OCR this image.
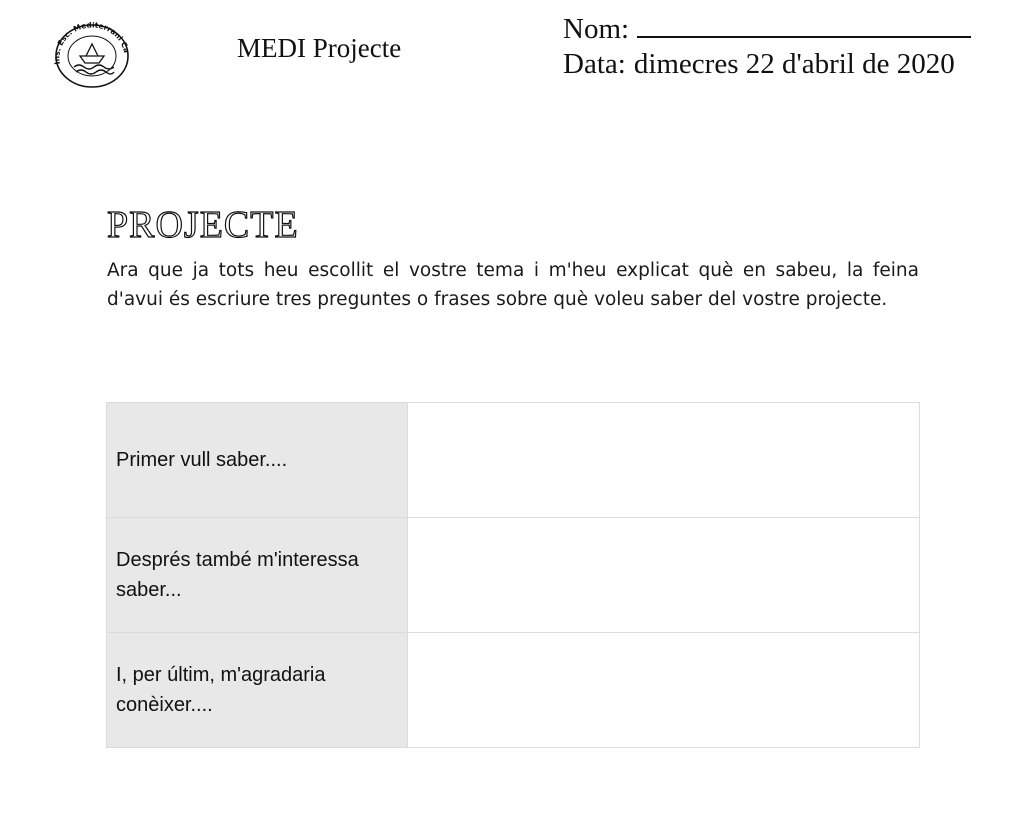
Ins. Esc. Mediterrani Ca	MEDI Projecte
Nom:
Data: dimecres 22 d'abril de 2020
PROJECTE

Ara que ja tots heu escollit el vostre tema i m'heu explicat què en sabeu, la feina d'avui és escriure tres preguntes o frases sobre què voleu saber del vostre projecte.

Primer vull saber....	
Després també m'interessa saber...	
I, per últim, m'agradaria conèixer....	
